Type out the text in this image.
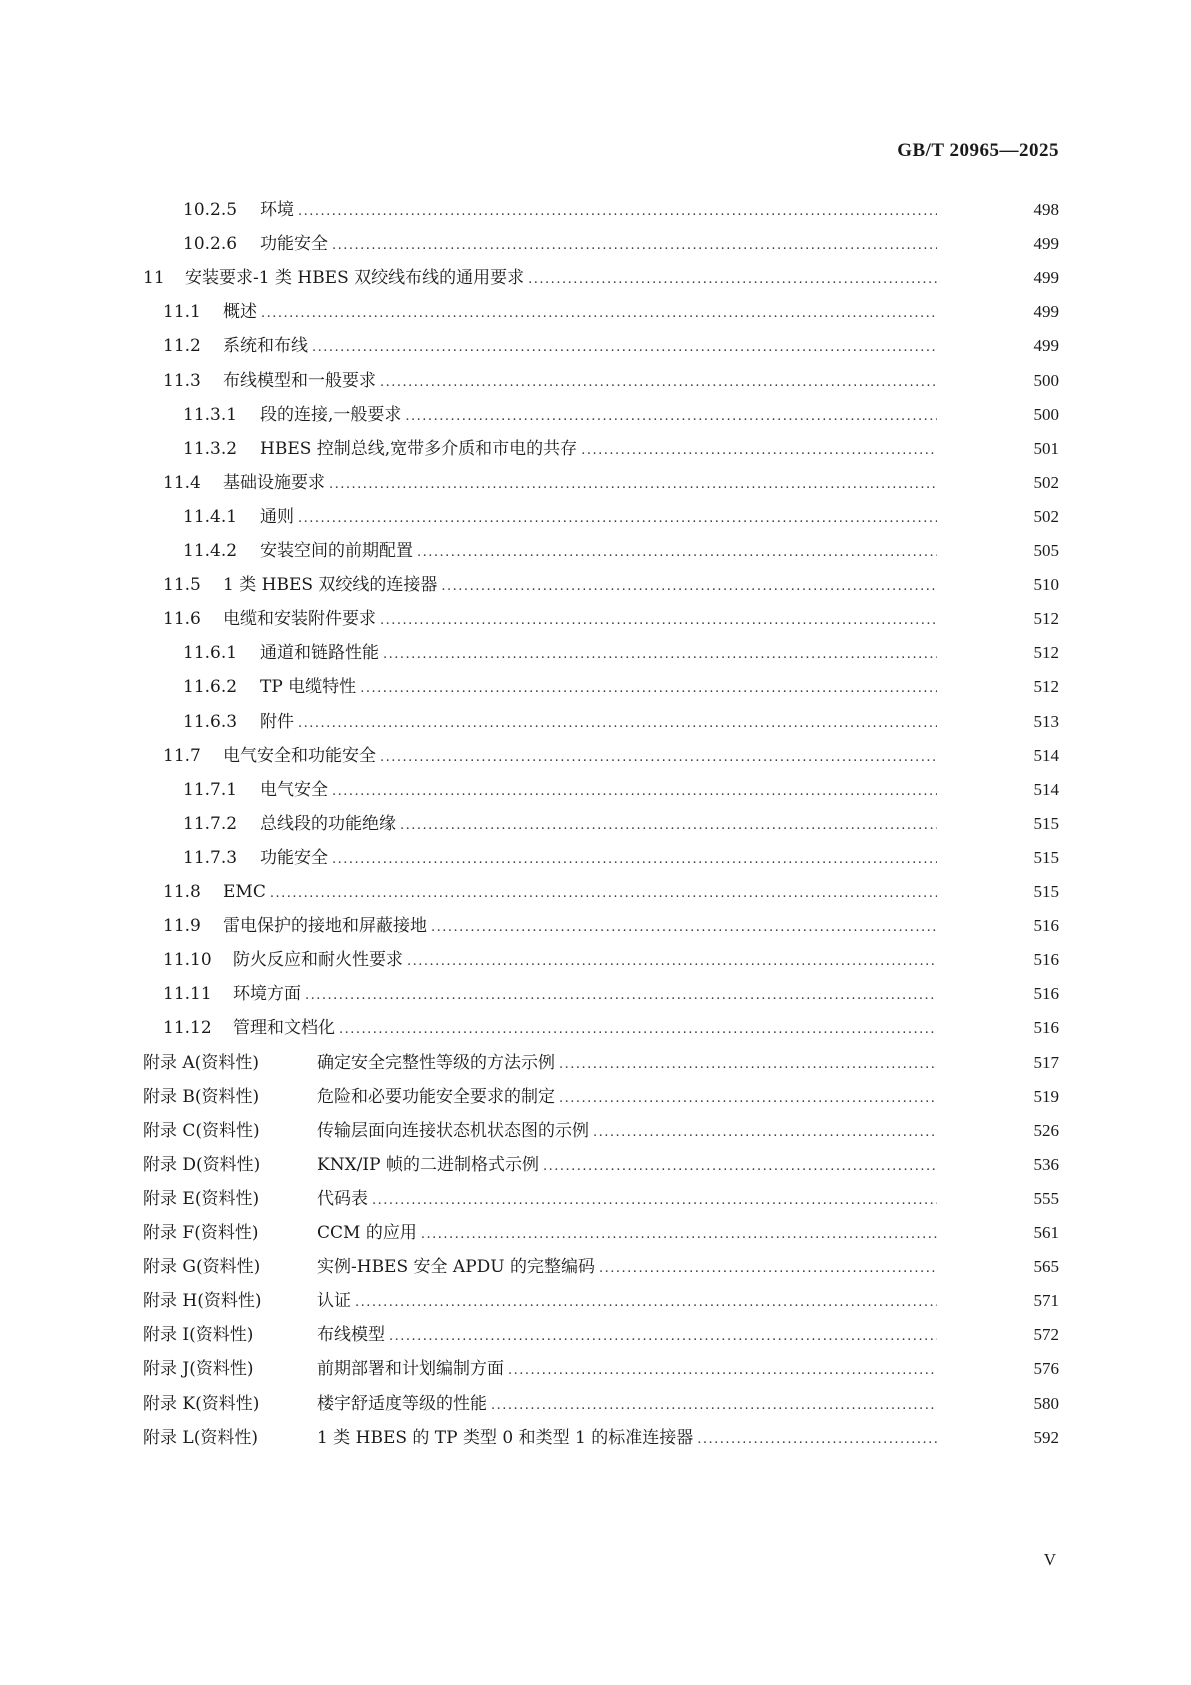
GB/T 20965—2025
10.2.5 环境 .....	498
10.2.6 功能安全 .....	499
11 安装要求-1 类 HBES 双绞线布线的通用要求 .....	499
11.1 概述 .....	499
11.2 系统和布线 .....	499
11.3 布线模型和一般要求 .....	500
11.3.1 段的连接,一般要求 .....	500
11.3.2 HBES 控制总线,宽带多介质和市电的共存 .....	501
11.4 基础设施要求 .....	502
11.4.1 通则 .....	502
11.4.2 安装空间的前期配置 .....	505
11.5 1 类 HBES 双绞线的连接器 .....	510
11.6 电缆和安装附件要求 .....	512
11.6.1 通道和链路性能 .....	512
11.6.2 TP 电缆特性 .....	512
11.6.3 附件 .....	513
11.7 电气安全和功能安全 .....	514
11.7.1 电气安全 .....	514
11.7.2 总线段的功能绝缘 .....	515
11.7.3 功能安全 .....	515
11.8 EMC .....	515
11.9 雷电保护的接地和屏蔽接地 .....	516
11.10 防火反应和耐火性要求 .....	516
11.11 环境方面 .....	516
11.12 管理和文档化 .....	516
附录 A(资料性)	确定安全完整性等级的方法示例 .....	517
附录 B(资料性)	危险和必要功能安全要求的制定 .....	519
附录 C(资料性)	传输层面向连接状态机状态图的示例 .....	526
附录 D(资料性)	KNX/IP 帧的二进制格式示例 .....	536
附录 E(资料性)	代码表 .....	555
附录 F(资料性)	CCM 的应用 .....	561
附录 G(资料性)	实例-HBES 安全 APDU 的完整编码 .....	565
附录 H(资料性)	认证 .....	571
附录 I(资料性)	布线模型 .....	572
附录 J(资料性)	前期部署和计划编制方面 .....	576
附录 K(资料性)	楼宇舒适度等级的性能 .....	580
附录 L(资料性)	1 类 HBES 的 TP 类型 0 和类型 1 的标准连接器 .....	592
V
